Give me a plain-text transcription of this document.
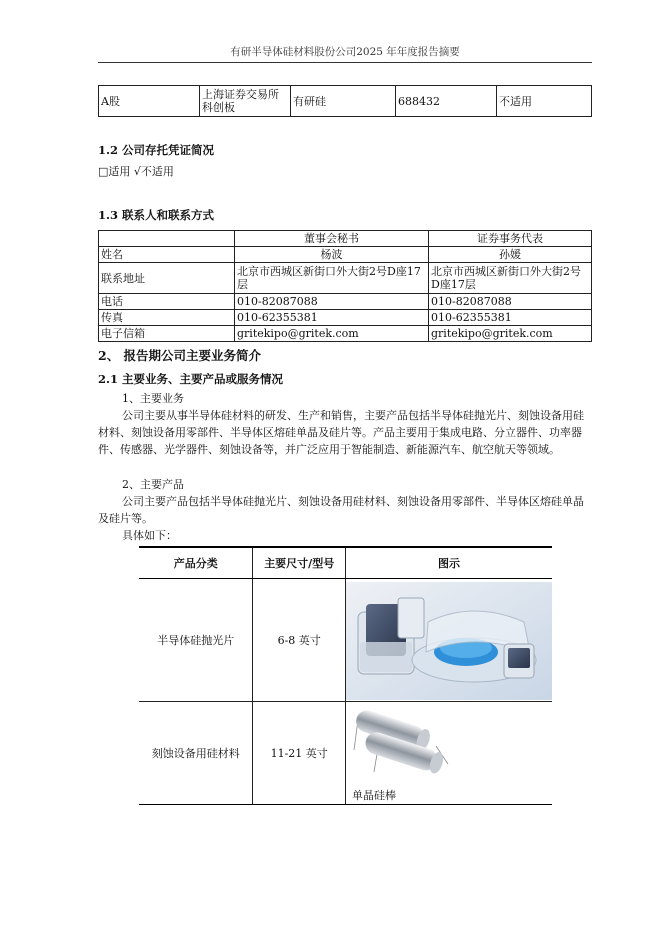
有研半导体硅材料股份公司2025 年年度报告摘要
A股	上海证券交易所科创板	有研硅	688432	不适用
1.2 公司存托凭证简况
□适用 √不适用
1.3 联系人和联系方式
	董事会秘书	证券事务代表
姓名	杨波	孙媛
联系地址	北京市西城区新街口外大街2号D座17层	北京市西城区新街口外大街2号D座17层
电话	010-82087088	010-82087088
传真	010-62355381	010-62355381
电子信箱	gritekipo@gritek.com	gritekipo@gritek.com
2、 报告期公司主要业务简介
2.1 主要业务、主要产品或服务情况
1、主要业务
公司主要从事半导体硅材料的研发、生产和销售，主要产品包括半导体硅抛光片、刻蚀设备用硅材料、刻蚀设备用零部件、半导体区熔硅单晶及硅片等。产品主要用于集成电路、分立器件、功率器件、传感器、光学器件、刻蚀设备等，并广泛应用于智能制造、新能源汽车、航空航天等领域。
2、主要产品
公司主要产品包括半导体硅抛光片、刻蚀设备用硅材料、刻蚀设备用零部件、半导体区熔硅单晶及硅片等。
具体如下：
产品分类	主要尺寸/型号	图示
半导体硅抛光片	6-8 英寸	

刻蚀设备用硅材料	11-21 英寸	单晶硅棒
